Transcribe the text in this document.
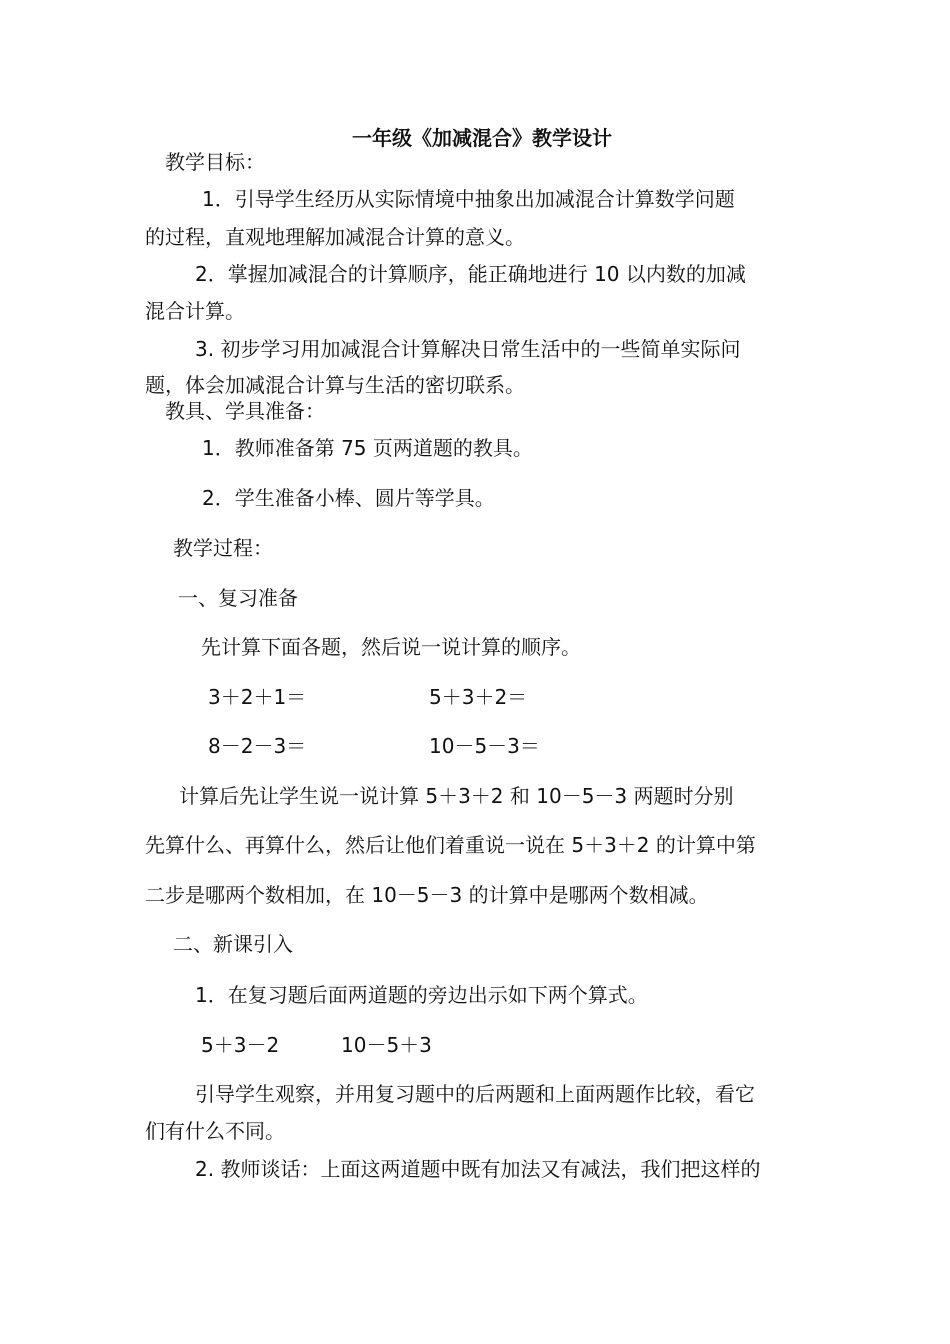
一年级《加减混合》教学设计
教学目标：
1．引导学生经历从实际情境中抽象出加减混合计算数学问题
的过程，直观地理解加减混合计算的意义。
2．掌握加减混合的计算顺序，能正确地进行 10 以内数的加减
混合计算。
3. 初步学习用加减混合计算解决日常生活中的一些简单实际问
题，体会加减混合计算与生活的密切联系。
教具、学具准备：
1．教师准备第 75 页两道题的教具。
2．学生准备小棒、圆片等学具。
教学过程：
一、复习准备
先计算下面各题，然后说一说计算的顺序。
3＋2＋1＝	5＋3＋2＝
8－2－3＝	10－5－3＝
计算后先让学生说一说计算 5＋3＋2 和 10－5－3 两题时分别
先算什么、再算什么，然后让他们着重说一说在 5＋3＋2 的计算中第
二步是哪两个数相加，在 10－5－3 的计算中是哪两个数相减。
二、新课引入
1．在复习题后面两道题的旁边出示如下两个算式。
5＋3－2	10－5＋3
引导学生观察，并用复习题中的后两题和上面两题作比较，看它
们有什么不同。
2. 教师谈话：上面这两道题中既有加法又有减法，我们把这样的
